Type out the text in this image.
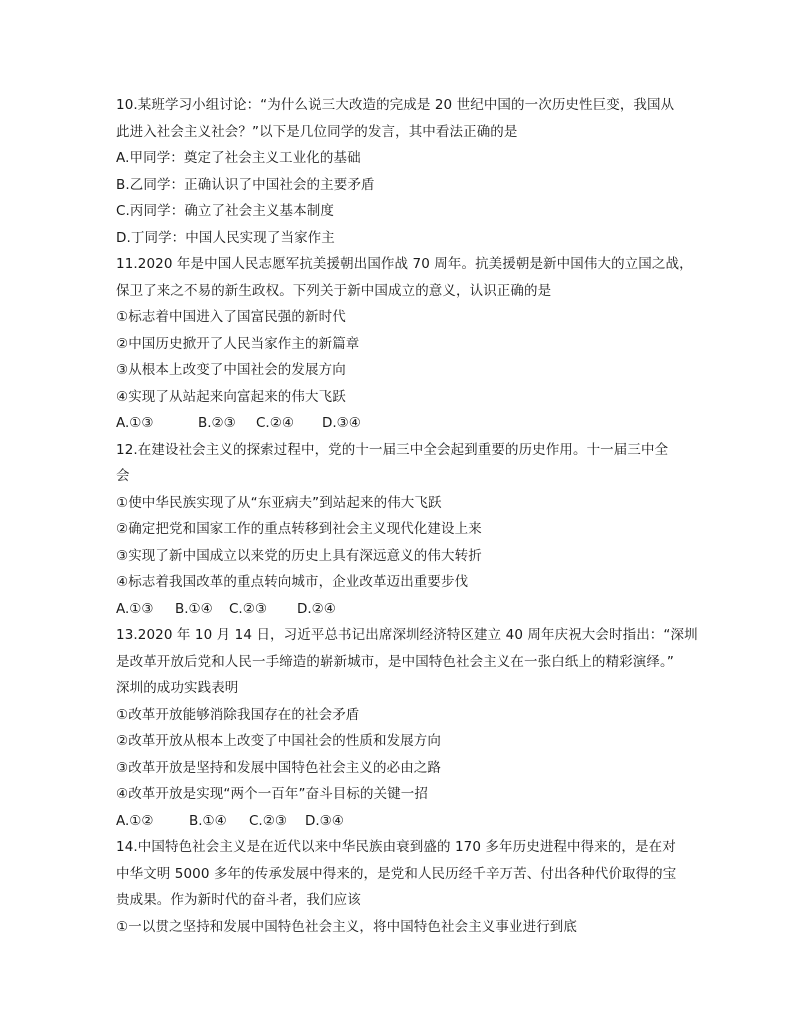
10.某班学习小组讨论：“为什么说三大改造的完成是 20 世纪中国的一次历史性巨变，我国从
此进入社会主义社会？”以下是几位同学的发言，其中看法正确的是
A.甲同学：奠定了社会主义工业化的基础
B.乙同学：正确认识了中国社会的主要矛盾
C.丙同学：确立了社会主义基本制度
D.丁同学：中国人民实现了当家作主
11.2020 年是中国人民志愿军抗美援朝出国作战 70 周年。抗美援朝是新中国伟大的立国之战，
保卫了来之不易的新生政权。下列关于新中国成立的意义，认识正确的是
①标志着中国进入了国富民强的新时代
②中国历史掀开了人民当家作主的新篇章
③从根本上改变了中国社会的发展方向
④实现了从站起来向富起来的伟大飞跃
A.①③	B.②③ C.②④ D.③④
12.在建设社会主义的探索过程中，党的十一届三中全会起到重要的历史作用。十一届三中全
会
①使中华民族实现了从“东亚病夫”到站起来的伟大飞跃
②确定把党和国家工作的重点转移到社会主义现代化建设上来
③实现了新中国成立以来党的历史上具有深远意义的伟大转折
④标志着我国改革的重点转向城市，企业改革迈出重要步伐
A.①③ B.①④ C.②③ D.②④
13.2020 年 10 月 14 日，习近平总书记出席深圳经济特区建立 40 周年庆祝大会时指出：“深圳
是改革开放后党和人民一手缔造的崭新城市，是中国特色社会主义在一张白纸上的精彩演绎。”
深圳的成功实践表明
①改革开放能够消除我国存在的社会矛盾
②改革开放从根本上改变了中国社会的性质和发展方向
③改革开放是坚持和发展中国特色社会主义的必由之路
④改革开放是实现“两个一百年”奋斗目标的关键一招
A.①②	B.①④ C.②③ D.③④
14.中国特色社会主义是在近代以来中华民族由衰到盛的 170 多年历史进程中得来的，是在对
中华文明 5000 多年的传承发展中得来的，是党和人民历经千辛万苦、付出各种代价取得的宝
贵成果。作为新时代的奋斗者，我们应该
①一以贯之坚持和发展中国特色社会主义，将中国特色社会主义事业进行到底
